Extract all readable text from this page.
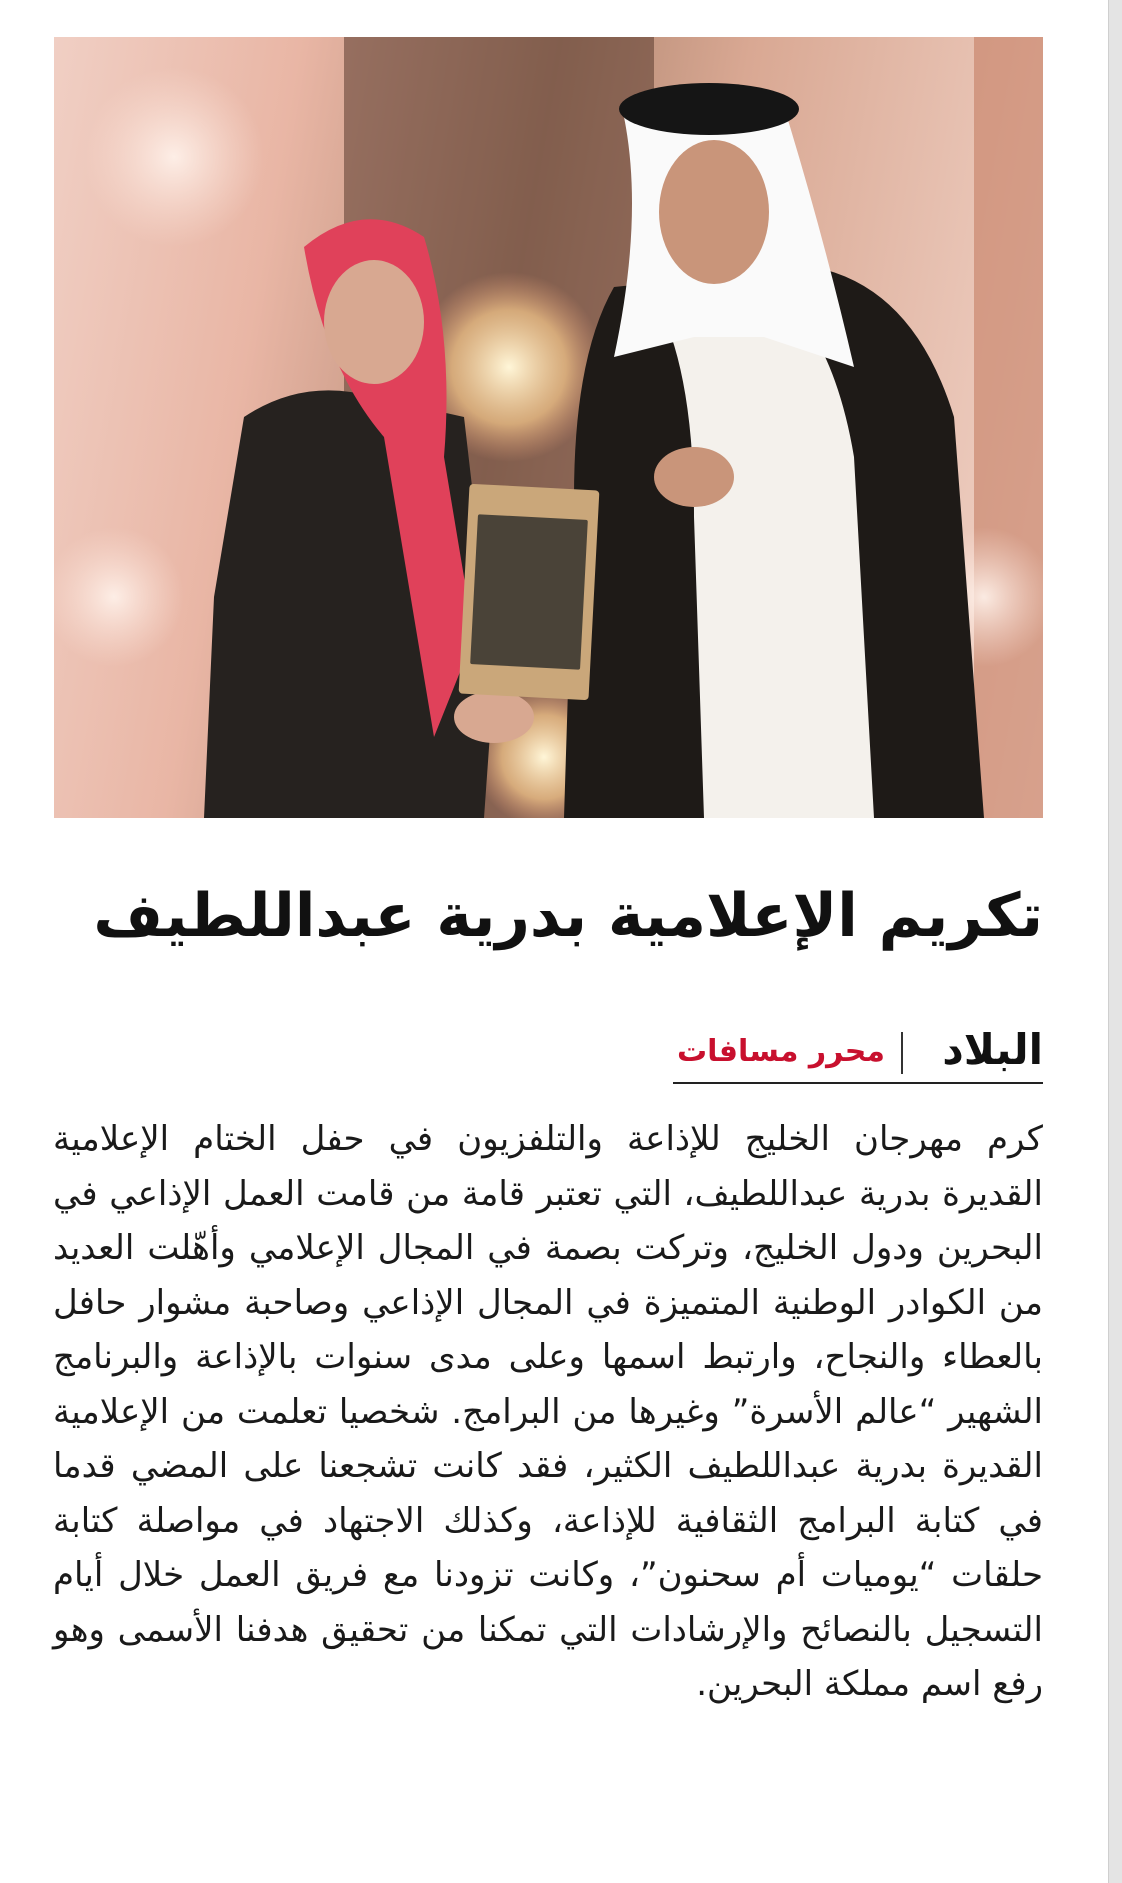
تكريم الإعلامية بدرية عبداللطيف
البلاد
محرر مسافات

كرم مهرجان الخليج للإذاعة والتلفزيون في حفل الختام الإعلامية القديرة بدرية عبداللطيف، التي تعتبر قامة من قامت العمل الإذاعي في البحرين ودول الخليج، وتركت بصمة في المجال الإعلامي وأهّلت العديد من الكوادر الوطنية المتميزة في المجال الإذاعي وصاحبة مشوار حافل بالعطاء والنجاح، وارتبط اسمها وعلى مدى سنوات بالإذاعة والبرنامج الشهير “عالم الأسرة” وغيرها من البرامج. شخصيا تعلمت من الإعلامية القديرة بدرية عبداللطيف الكثير، فقد كانت تشجعنا على المضي قدما في كتابة البرامج الثقافية للإذاعة، وكذلك الاجتهاد في مواصلة كتابة حلقات “يوميات أم سحنون”، وكانت تزودنا مع فريق العمل خلال أيام التسجيل بالنصائح والإرشادات التي تمكنا من تحقيق هدفنا الأسمى وهو رفع اسم مملكة البحرين.
